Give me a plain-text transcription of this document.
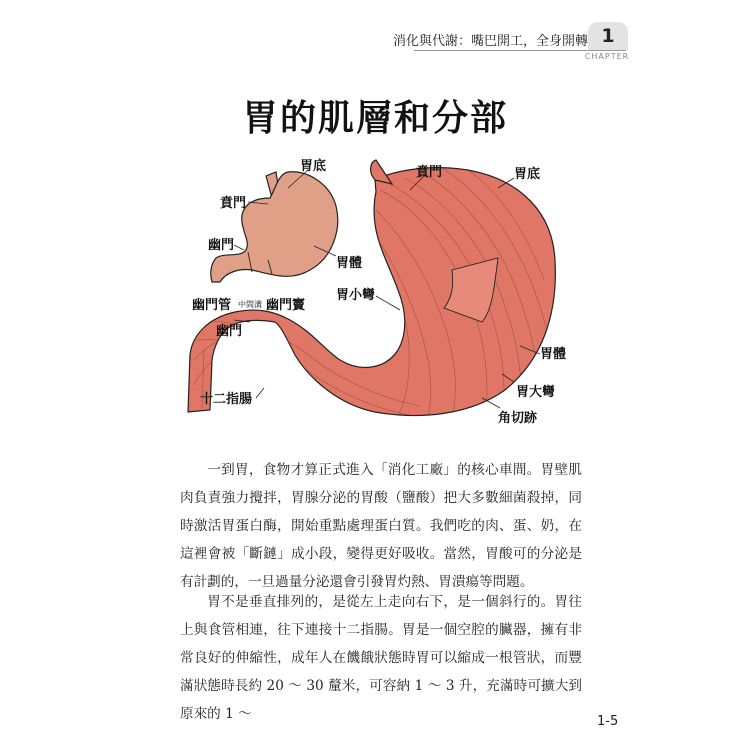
消化與代謝：嘴巴開工，全身開轉 1
CHAPTER
胃的肌層和分部
胃底
賁門
幽門
胃體
幽門管 中間溝 幽門竇
幽門
十二指腸
賁門	胃底
胃小彎
胃體
胃大彎
角切跡

一到胃，食物才算正式進入「消化工廠」的核心車間。胃壁肌肉負責強力攪拌，胃腺分泌的胃酸（鹽酸）把大多數細菌殺掉，同時激活胃蛋白酶，開始重點處理蛋白質。我們吃的肉、蛋、奶，在這裡會被「斷鏈」成小段，變得更好吸收。當然，胃酸可的分泌是有計劃的，一旦過量分泌還會引發胃灼熱、胃潰瘍等問題。

胃不是垂直排列的，是從左上走向右下，是一個斜行的。胃往上與食管相連，往下連接十二指腸。胃是一個空腔的臟器，擁有非常良好的伸縮性，成年人在饑餓狀態時胃可以縮成一根管狀，而豐滿狀態時長約 20 ～ 30 釐米，可容納 1 ～ 3 升，充滿時可擴大到原來的 1 ～	1-5
